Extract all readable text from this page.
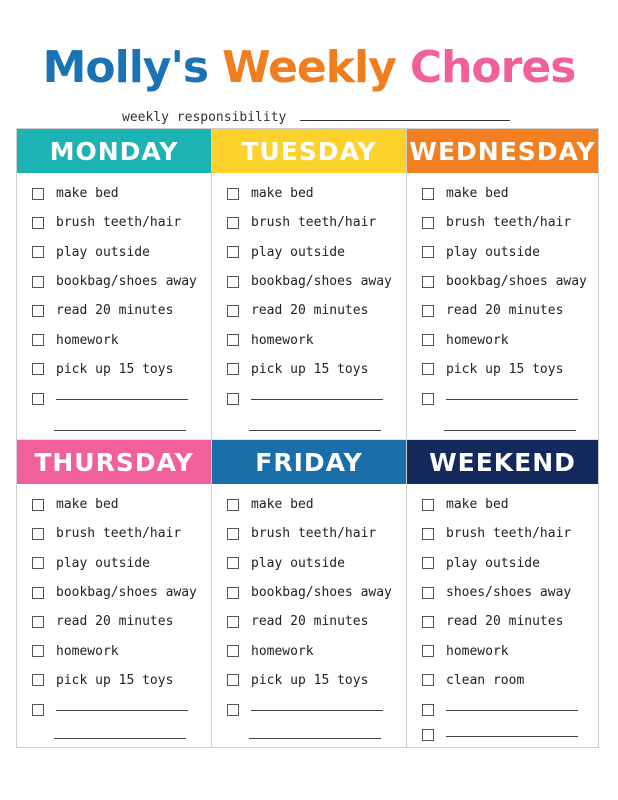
Molly's Weekly Chores
weekly responsibility
MONDAY
make bed
brush teeth/hair
play outside
bookbag/shoes away
read 20 minutes
homework
pick up 15 toys
TUESDAY
make bed
brush teeth/hair
play outside
bookbag/shoes away
read 20 minutes
homework
pick up 15 toys
WEDNESDAY
make bed
brush teeth/hair
play outside
bookbag/shoes away
read 20 minutes
homework
pick up 15 toys
THURSDAY
make bed
brush teeth/hair
play outside
bookbag/shoes away
read 20 minutes
homework
pick up 15 toys
FRIDAY
make bed
brush teeth/hair
play outside
bookbag/shoes away
read 20 minutes
homework
pick up 15 toys
WEEKEND
make bed
brush teeth/hair
play outside
shoes/shoes away
read 20 minutes
homework
clean room
